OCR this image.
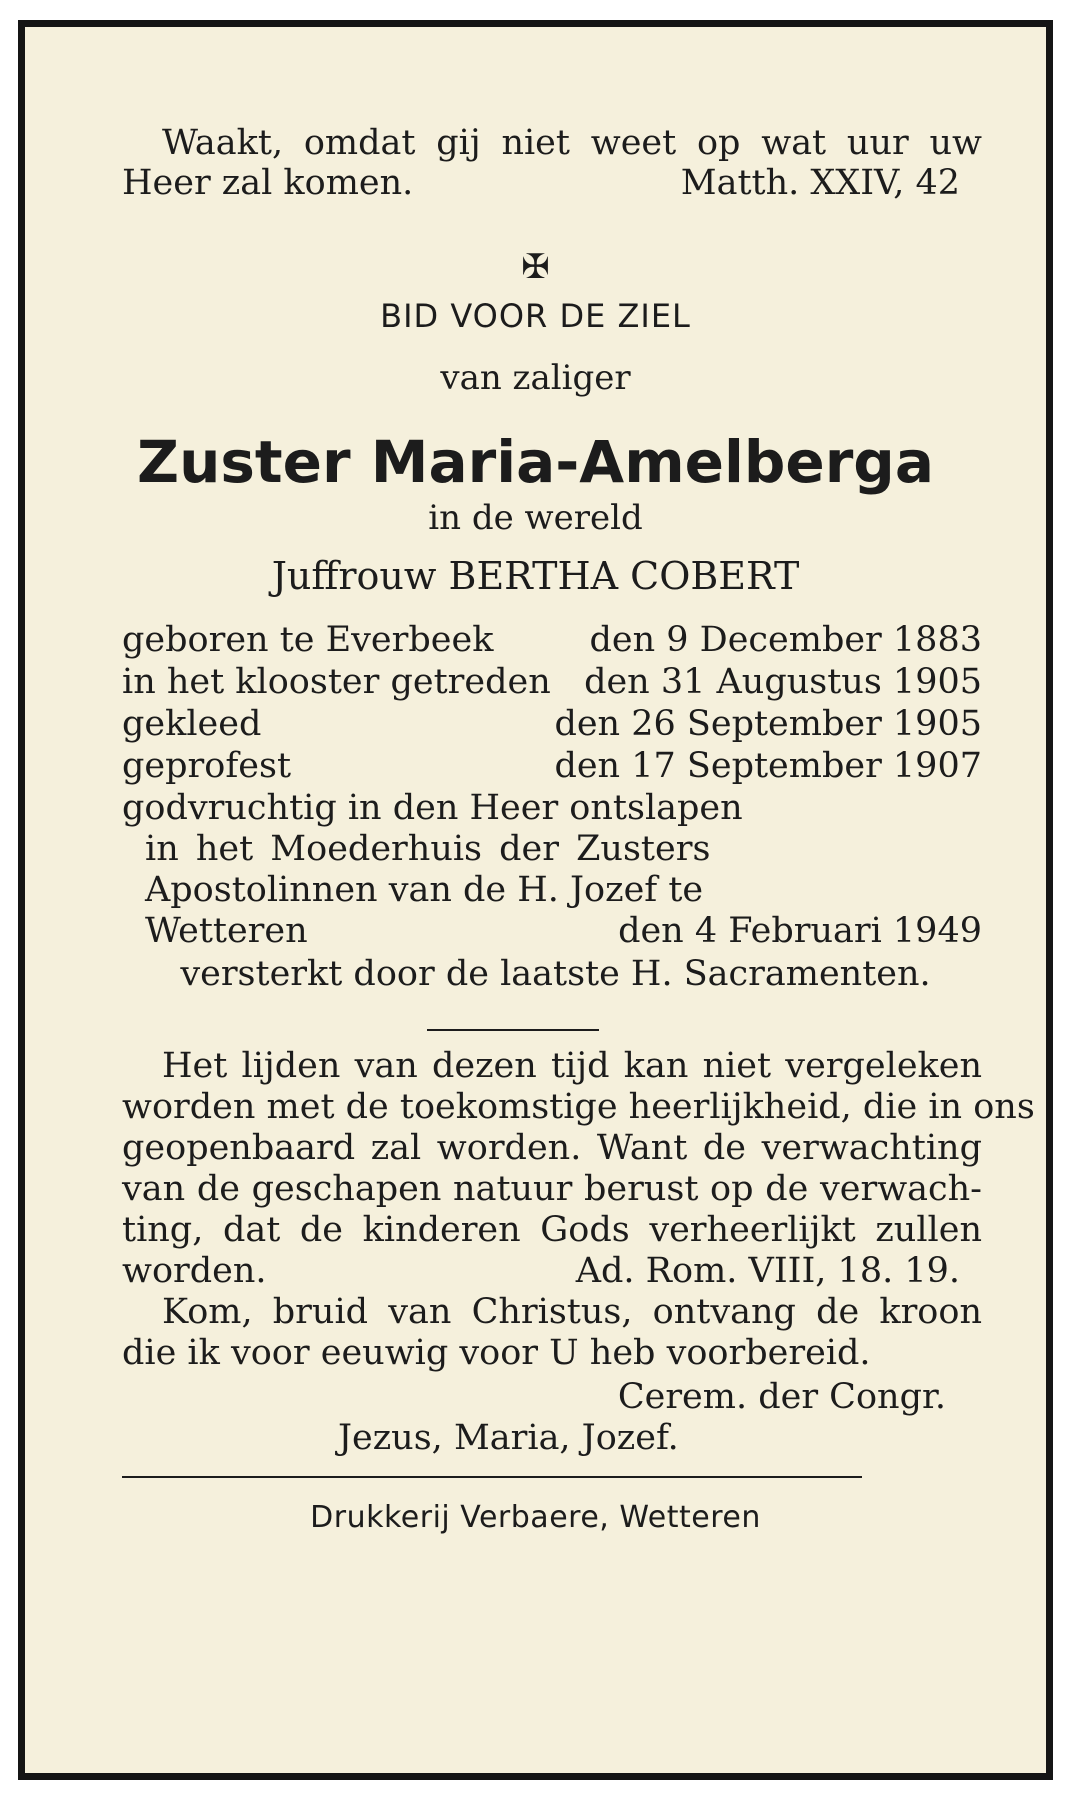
Waakt, omdat gij niet weet op wat uur uw
Heer zal komen.	Matth. XXIV, 42
✠
BID VOOR DE ZIEL
van zaliger
Zuster Maria-Amelberga
in de wereld
Juffrouw BERTHA COBERT
geboren te Everbeek	den 9 December 1883
in het klooster getreden den 31 Augustus 1905
gekleed	den 26 September 1905
geprofest	den 17 September 1907
godvruchtig in den Heer ontslapen
in het Moederhuis der Zusters
Apostolinnen van de H. Jozef te
Wetteren	den 4 Februari 1949
versterkt door de laatste H. Sacramenten.
Het lijden van dezen tijd kan niet vergeleken
worden met de toekomstige heerlijkheid, die in ons
geopenbaard zal worden. Want de verwachting
van de geschapen natuur berust op de verwach-
ting, dat de kinderen Gods verheerlijkt zullen
worden.	Ad. Rom. VIII, 18. 19.
Kom, bruid van Christus, ontvang de kroon
die ik voor eeuwig voor U heb voorbereid.
Cerem. der Congr.
Jezus, Maria, Jozef.
Drukkerij Verbaere, Wetteren
